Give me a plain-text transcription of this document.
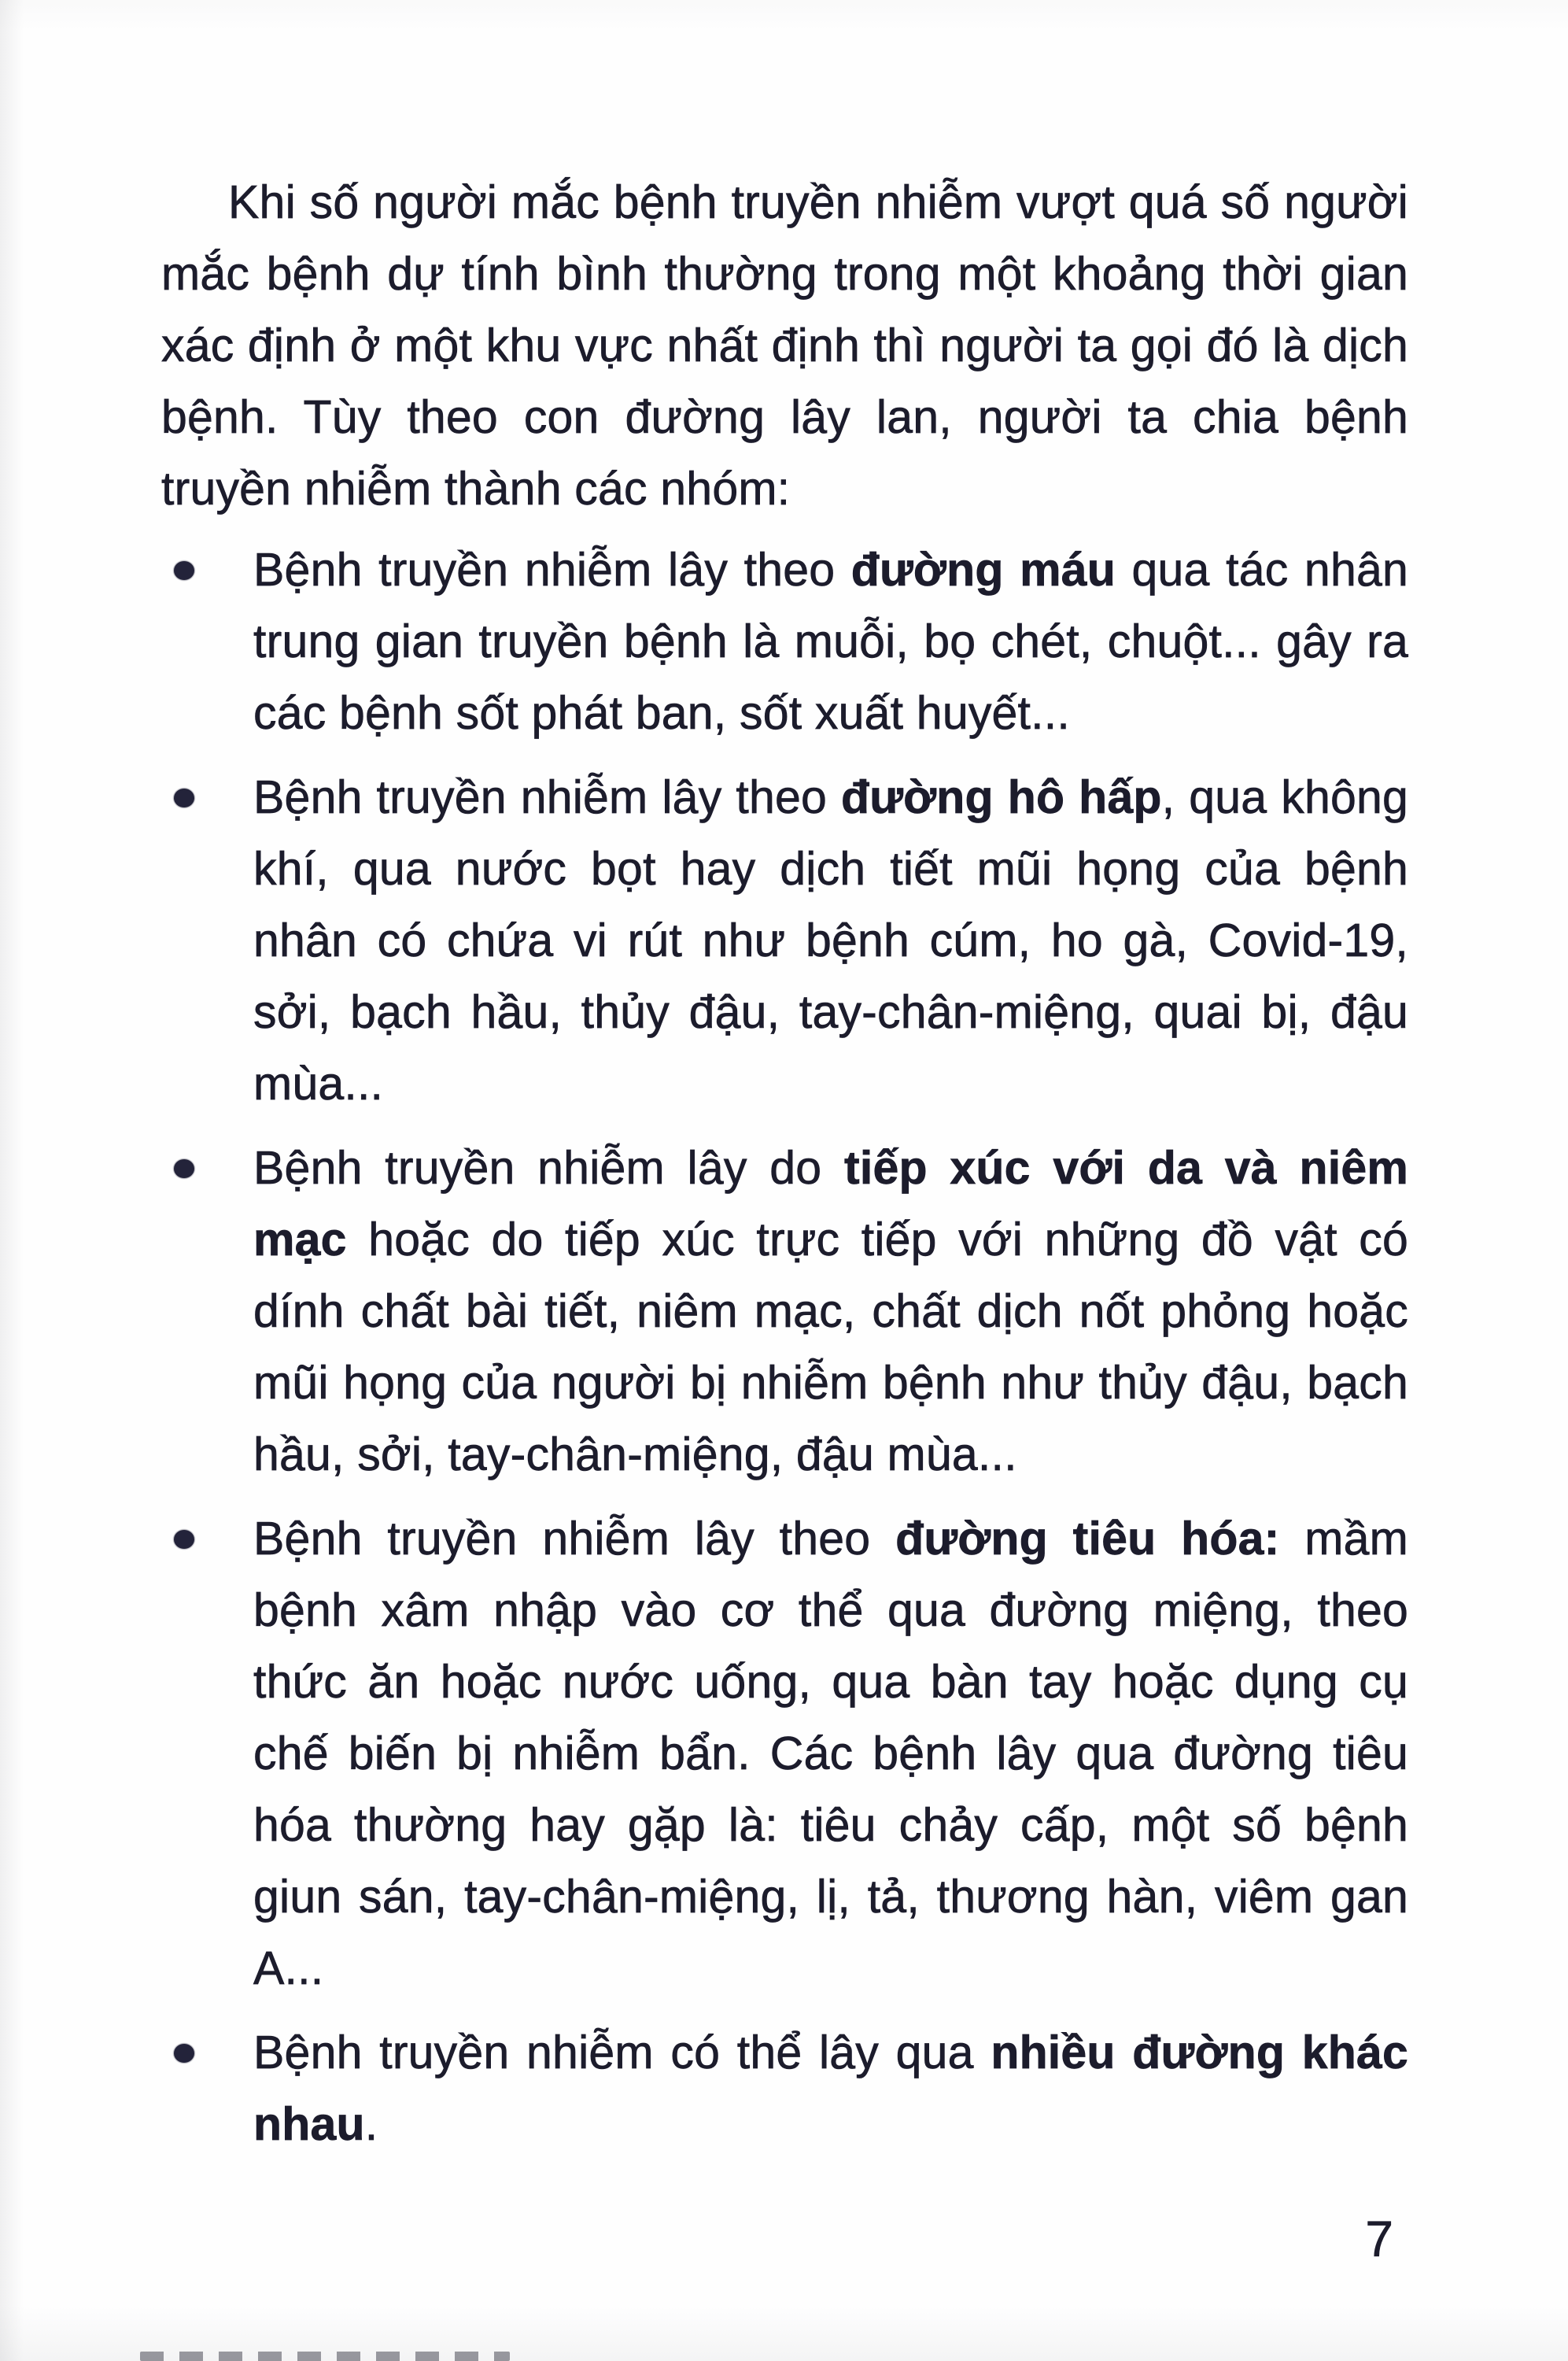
Khi số người mắc bệnh truyền nhiễm vượt quá số người mắc bệnh dự tính bình thường trong một khoảng thời gian xác định ở một khu vực nhất định thì người ta gọi đó là dịch bệnh. Tùy theo con đường lây lan, người ta chia bệnh truyền nhiễm thành các nhóm:

Bệnh truyền nhiễm lây theo đường máu qua tác nhân trung gian truyền bệnh là muỗi, bọ chét, chuột... gây ra các bệnh sốt phát ban, sốt xuất huyết...
Bệnh truyền nhiễm lây theo đường hô hấp, qua không khí, qua nước bọt hay dịch tiết mũi họng của bệnh nhân có chứa vi rút như bệnh cúm, ho gà, Covid-19, sởi, bạch hầu, thủy đậu, tay-chân-miệng, quai bị, đậu mùa...
Bệnh truyền nhiễm lây do tiếp xúc với da và niêm mạc hoặc do tiếp xúc trực tiếp với những đồ vật có dính chất bài tiết, niêm mạc, chất dịch nốt phỏng hoặc mũi họng của người bị nhiễm bệnh như thủy đậu, bạch hầu, sởi, tay-chân-miệng, đậu mùa...
Bệnh truyền nhiễm lây theo đường tiêu hóa: mầm bệnh xâm nhập vào cơ thể qua đường miệng, theo thức ăn hoặc nước uống, qua bàn tay hoặc dụng cụ chế biến bị nhiễm bẩn. Các bệnh lây qua đường tiêu hóa thường hay gặp là: tiêu chảy cấp, một số bệnh giun sán, tay-chân-miệng, lị, tả, thương hàn, viêm gan A...
Bệnh truyền nhiễm có thể lây qua nhiều đường khác nhau.
7
